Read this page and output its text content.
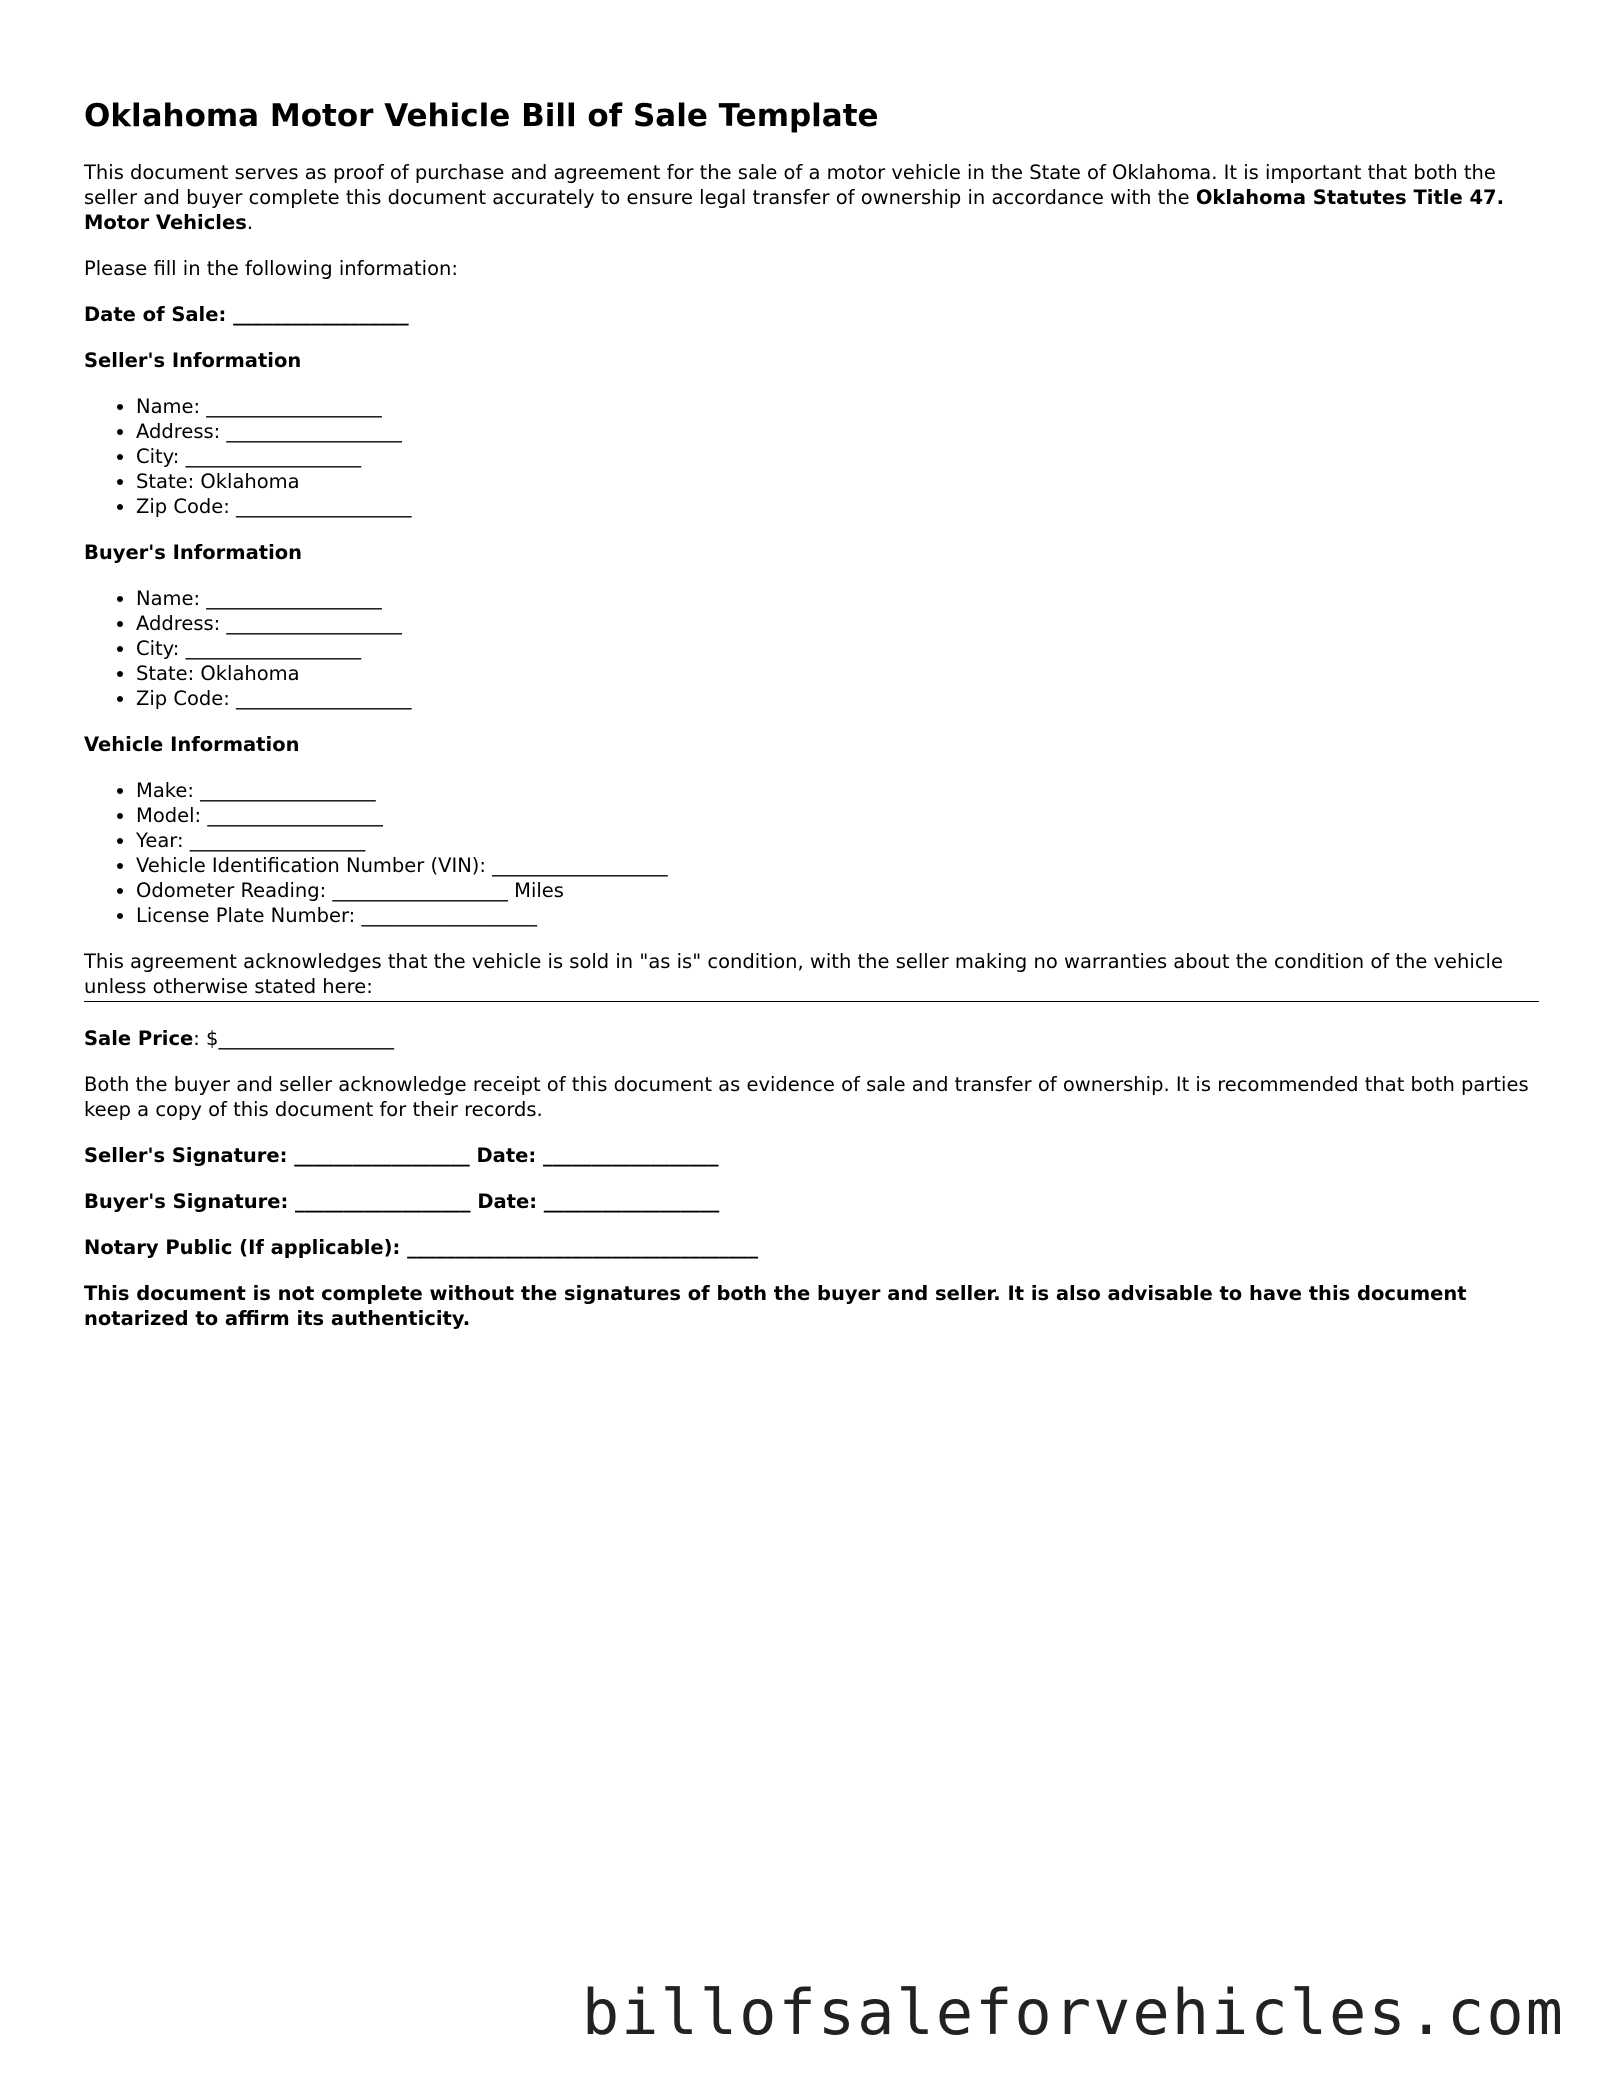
Oklahoma Motor Vehicle Bill of Sale Template

This document serves as proof of purchase and agreement for the sale of a motor vehicle in the State of Oklahoma. It is important that both the seller and buyer complete this document accurately to ensure legal transfer of ownership in accordance with the Oklahoma Statutes Title 47. Motor Vehicles.

Please fill in the following information:

Date of Sale: __________________

Seller's Information

• Name: __________________
• Address: __________________
• City: __________________
• State: Oklahoma
• Zip Code: __________________

Buyer's Information

• Name: __________________
• Address: __________________
• City: __________________
• State: Oklahoma
• Zip Code: __________________

Vehicle Information

• Make: __________________
• Model: __________________
• Year: __________________
• Vehicle Identification Number (VIN): __________________
• Odometer Reading: __________________ Miles
• License Plate Number: __________________

This agreement acknowledges that the vehicle is sold in "as is" condition, with the seller making no warranties about the condition of the vehicle unless otherwise stated here:

Sale Price: $__________________

Both the buyer and seller acknowledge receipt of this document as evidence of sale and transfer of ownership. It is recommended that both parties keep a copy of this document for their records.

Seller's Signature: __________________ Date: __________________

Buyer's Signature: __________________ Date: __________________

Notary Public (If applicable): ____________________________________

This document is not complete without the signatures of both the buyer and seller. It is also advisable to have this document notarized to affirm its authenticity.

billofsaleforvehicles.com
